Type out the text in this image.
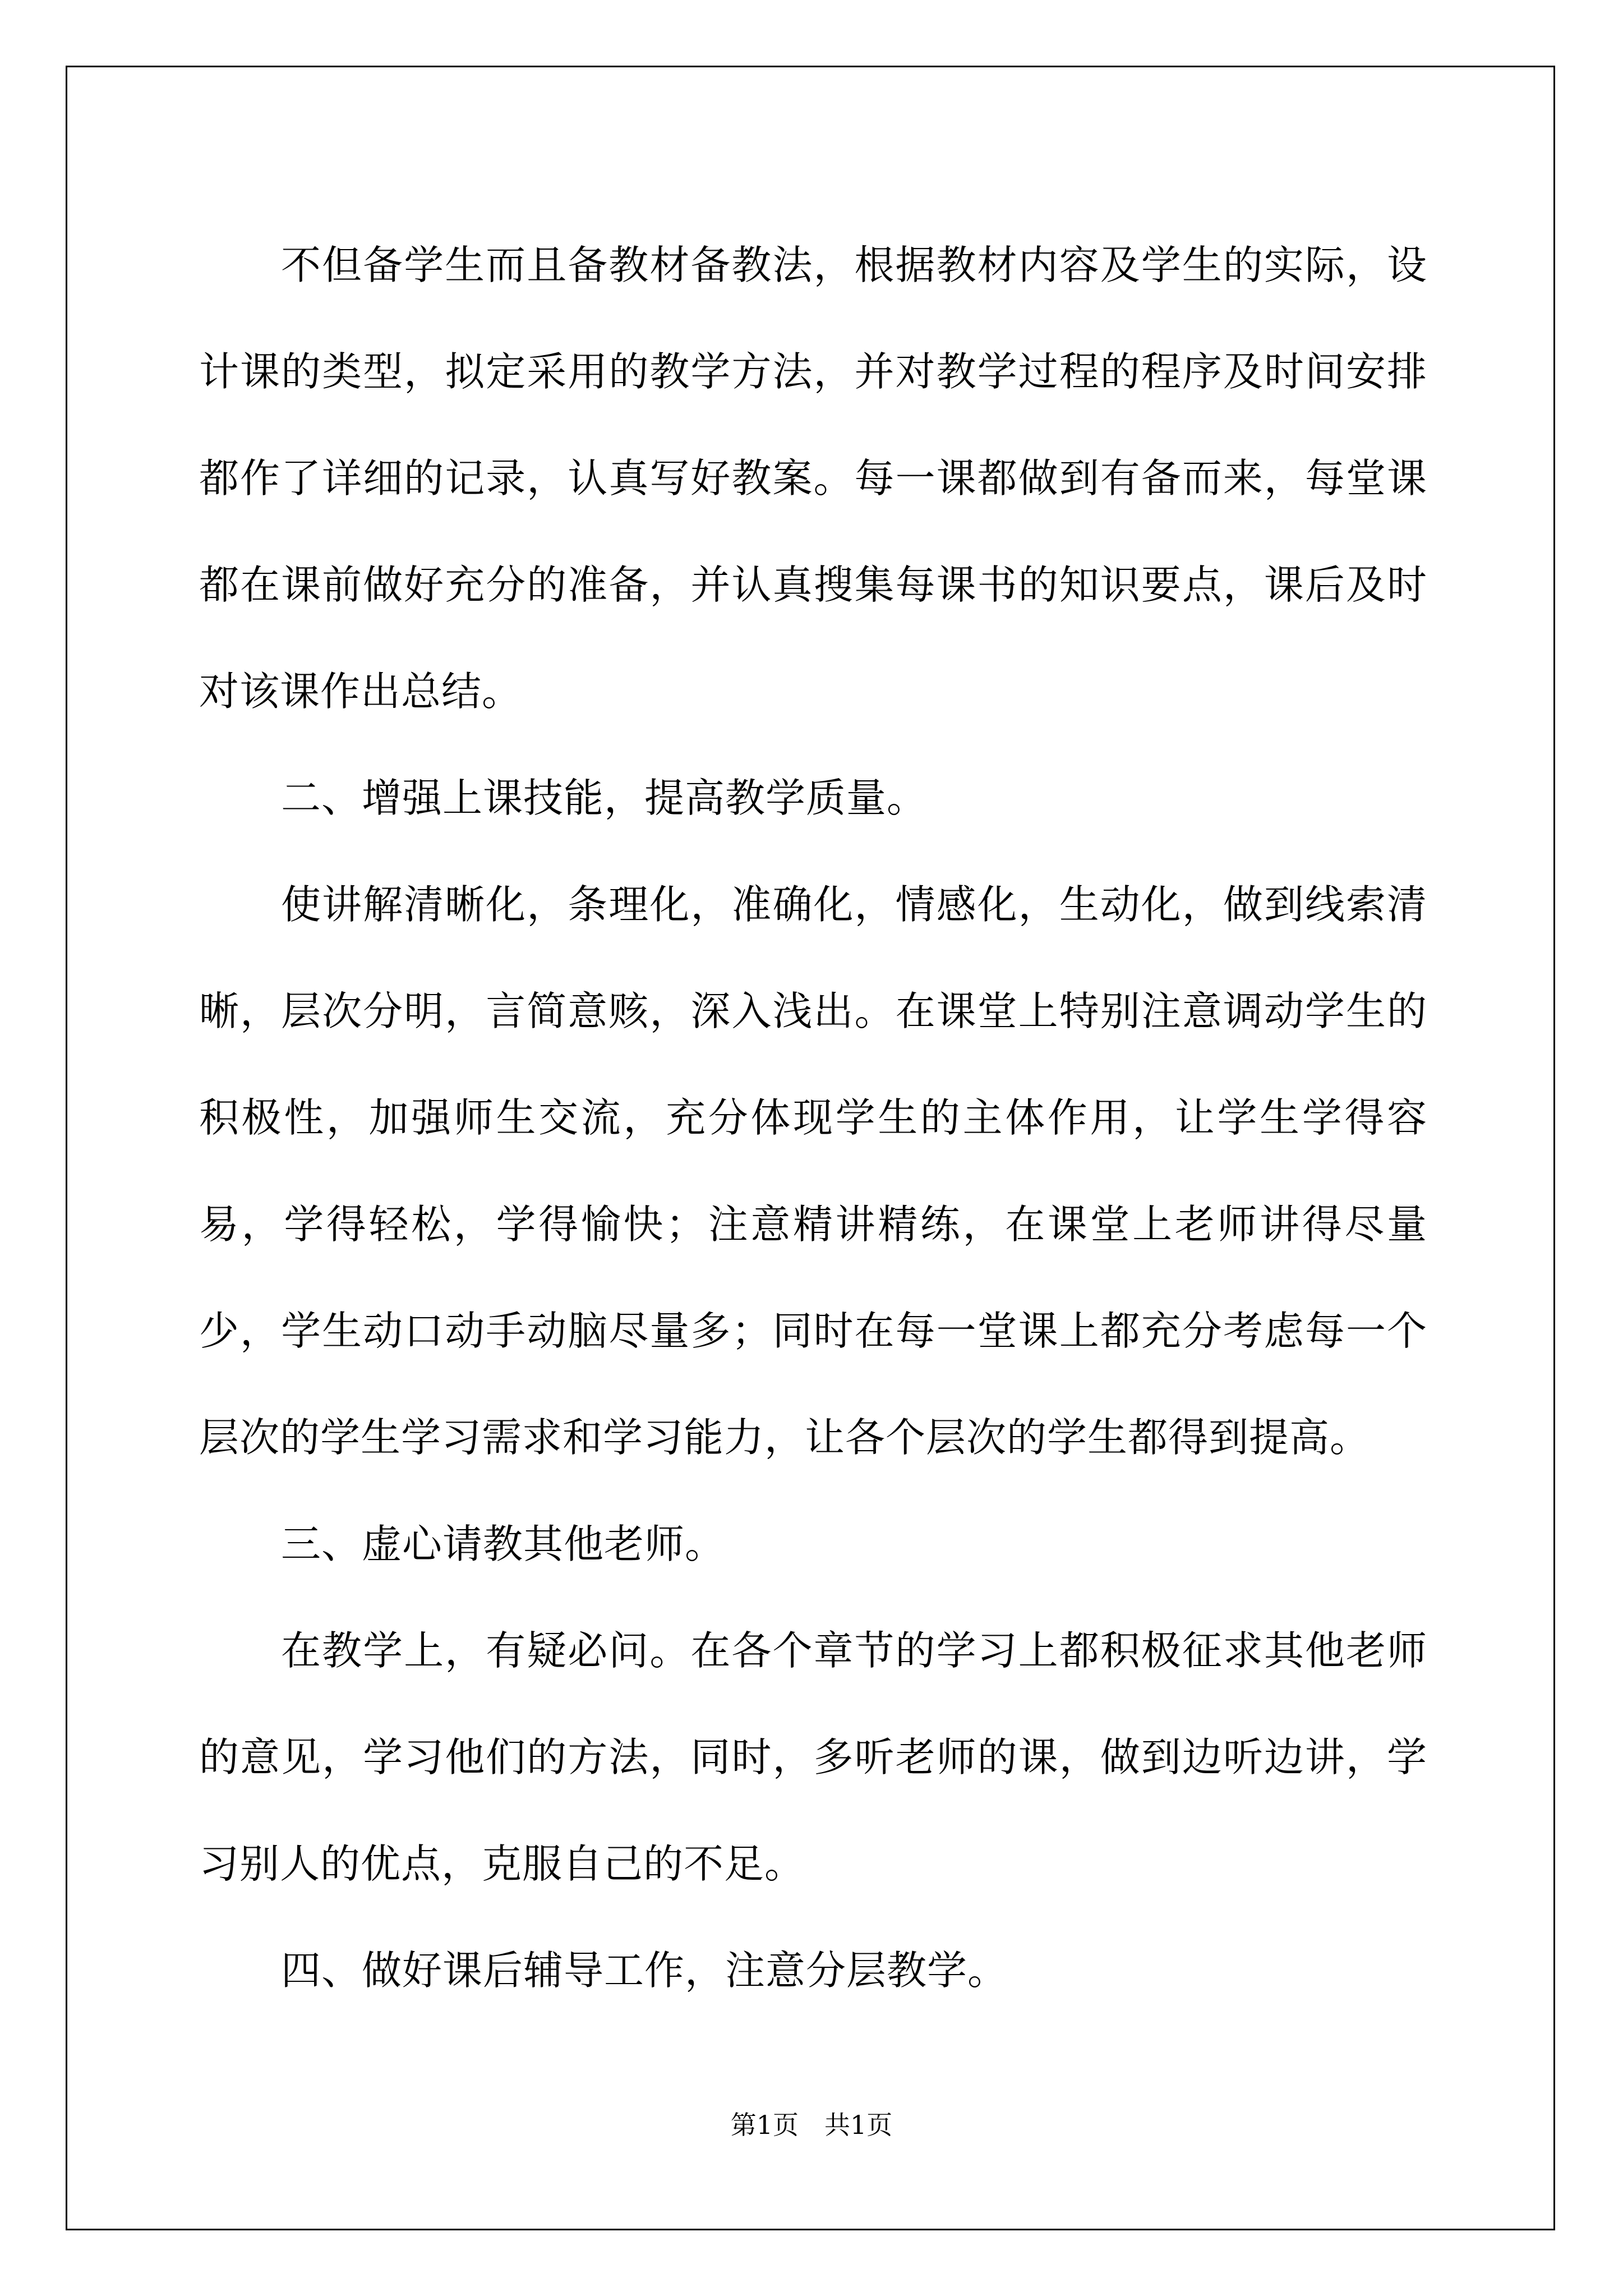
不但备学生而且备教材备教法，根据教材内容及学生的实际，设计课的类型，拟定采用的教学方法，并对教学过程的程序及时间安排都作了详细的记录，认真写好教案。每一课都做到有备而来，每堂课都在课前做好充分的准备，并认真搜集每课书的知识要点，课后及时对该课作出总结。

二、增强上课技能，提高教学质量。

使讲解清晰化，条理化，准确化，情感化，生动化，做到线索清晰，层次分明，言简意赅，深入浅出。在课堂上特别注意调动学生的积极性，加强师生交流，充分体现学生的主体作用，让学生学得容易，学得轻松，学得愉快；注意精讲精练，在课堂上老师讲得尽量少，学生动口动手动脑尽量多；同时在每一堂课上都充分考虑每一个层次的学生学习需求和学习能力，让各个层次的学生都得到提高。

三、虚心请教其他老师。

在教学上，有疑必问。在各个章节的学习上都积极征求其他老师的意见，学习他们的方法，同时，多听老师的课，做到边听边讲，学习别人的优点，克服自己的不足。

四、做好课后辅导工作，注意分层教学。

第1页 共1页
